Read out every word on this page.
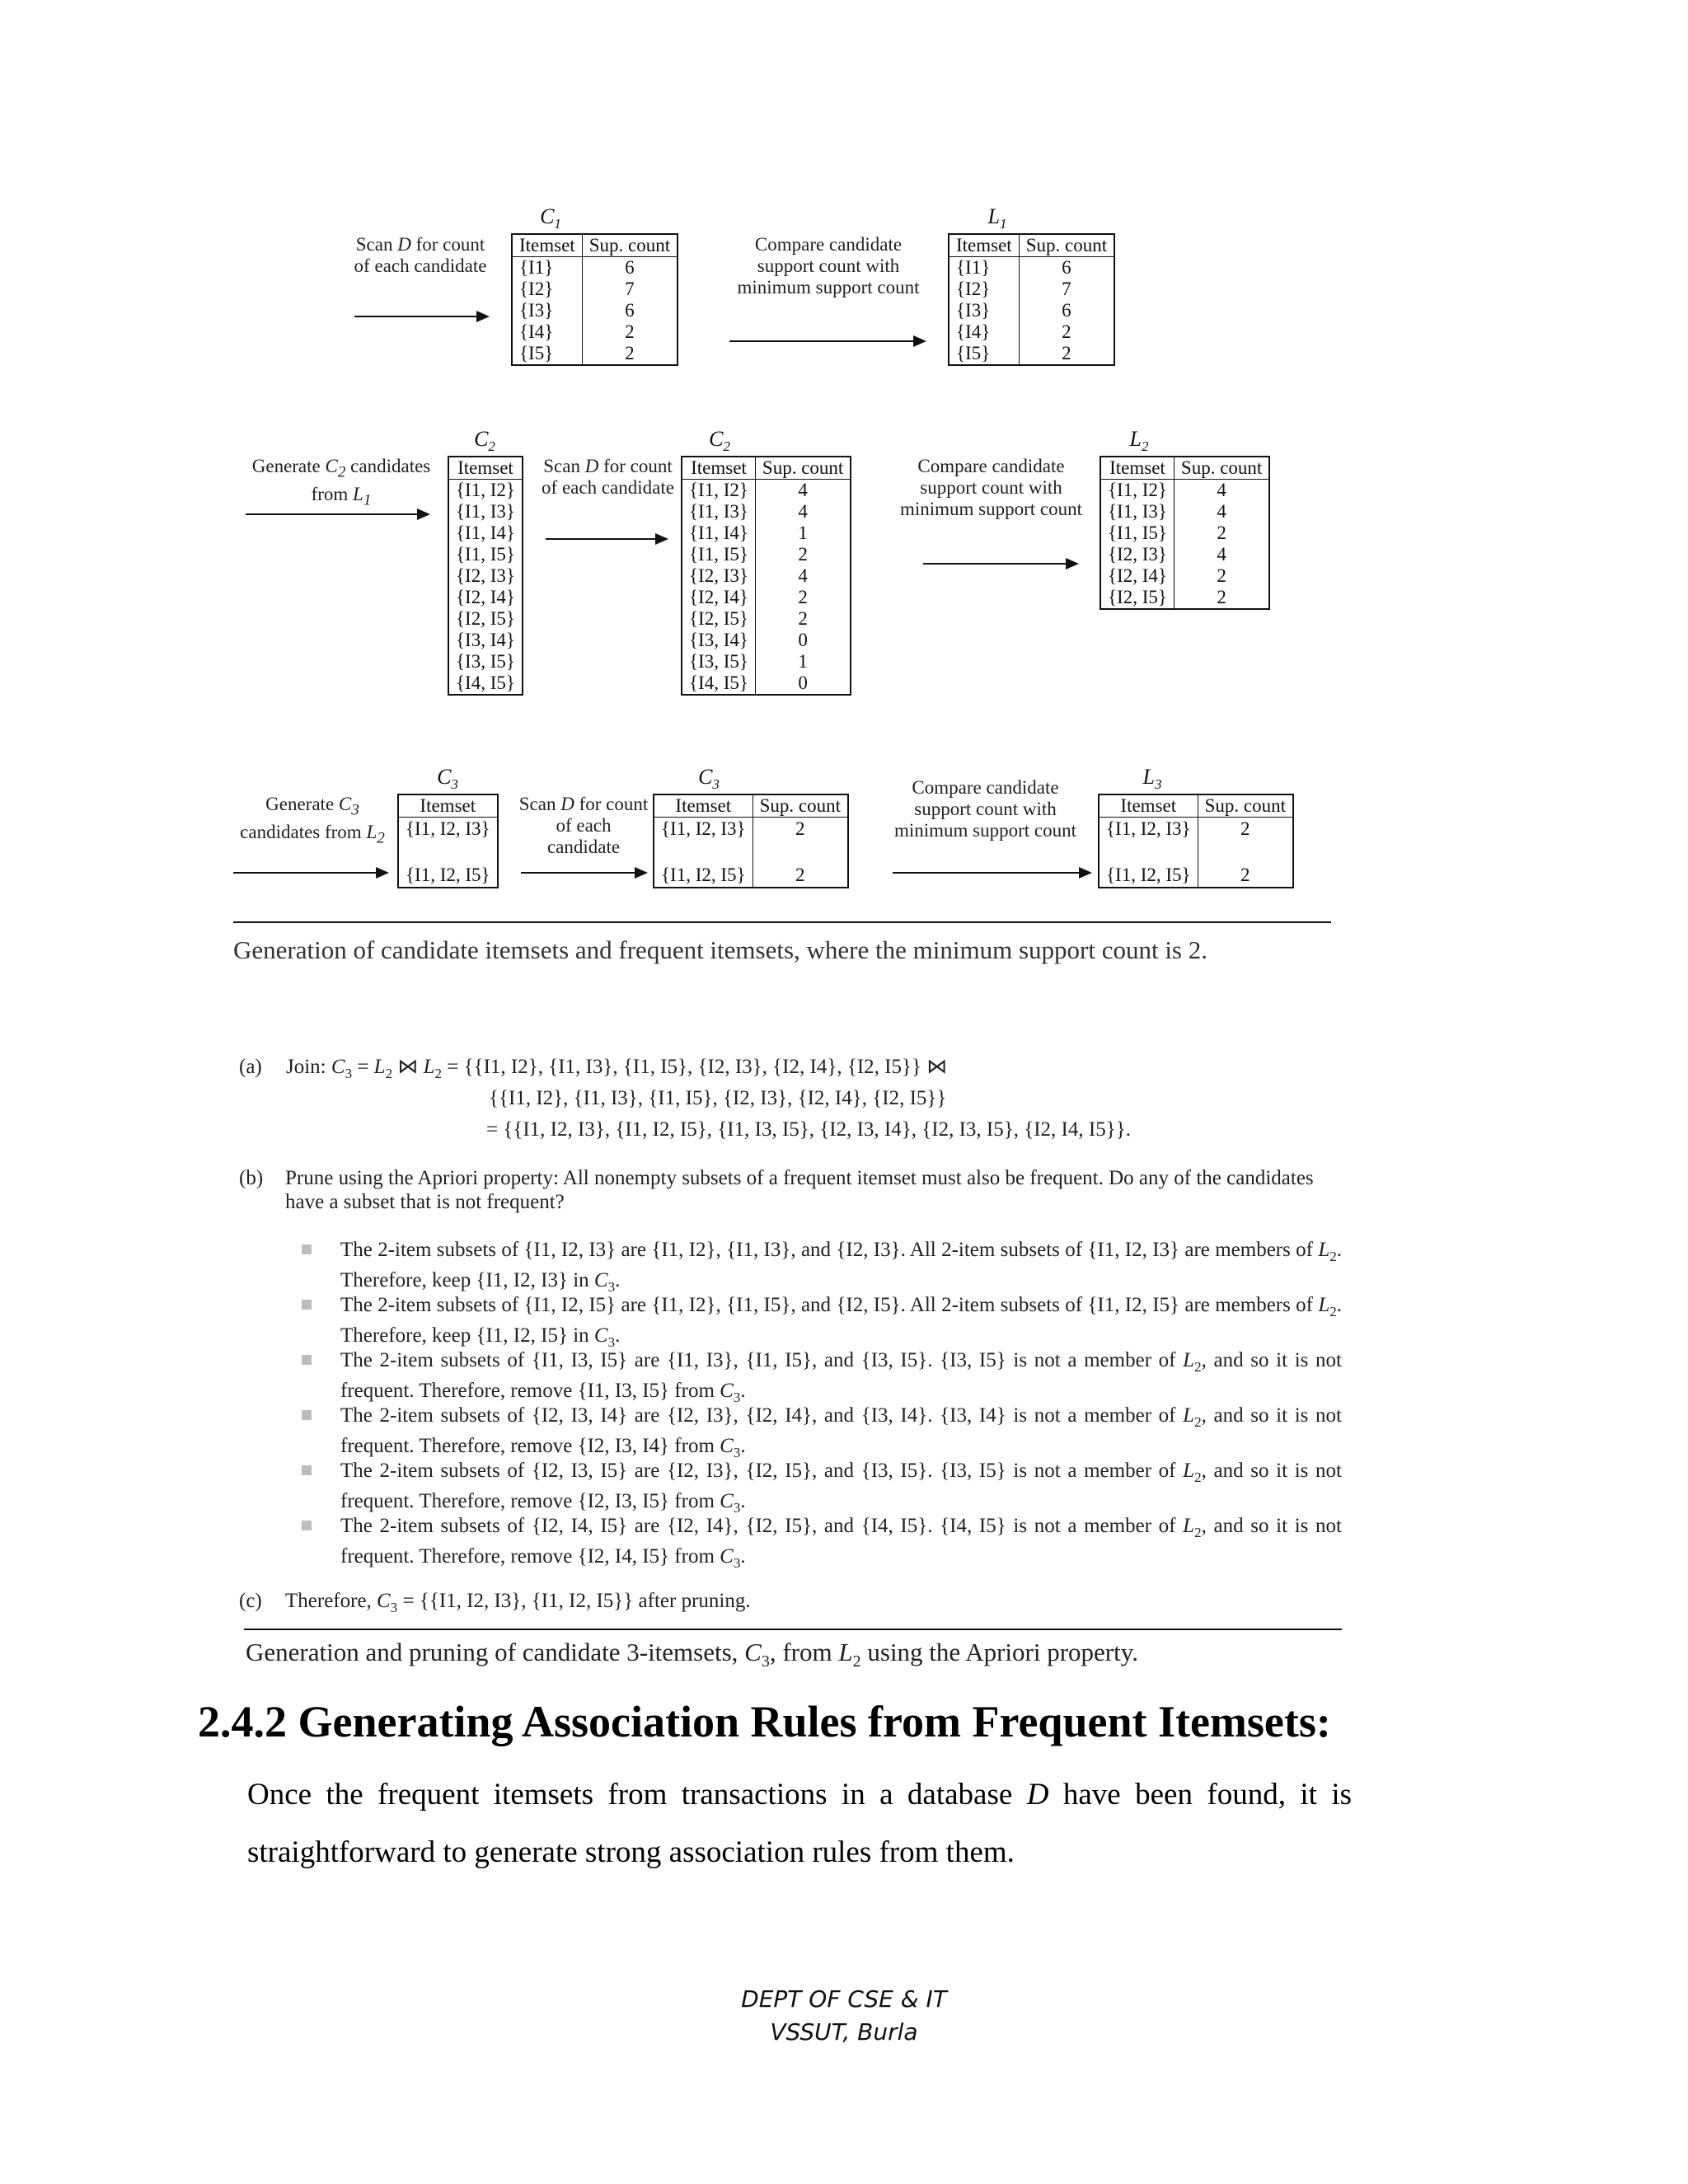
Scan D for count of each candidate
$C_1$
Itemset	Sup. count
{I1}	6
{I2}	7
{I3}	6
{I4}	2
{I5}	2
Compare candidate support count with minimum support count
$L_1$
Itemset	Sup. count
{I1}	6
{I2}	7
{I3}	6
{I4}	2
{I5}	2
Generate $C_2$ candidates from $L_1$
$C_2$
Itemset
{I1, I2}
{I1, I3}
{I1, I4}
{I1, I5}
{I2, I3}
{I2, I4}
{I2, I5}
{I3, I4}
{I3, I5}
{I4, I5}
Scan D for count of each candidate
$C_2$
Itemset	Sup. count
{I1, I2}	4
{I1, I3}	4
{I1, I4}	1
{I1, I5}	2
{I2, I3}	4
{I2, I4}	2
{I2, I5}	2
{I3, I4}	0
{I3, I5}	1
{I4, I5}	0
Compare candidate support count with minimum support count
$L_2$
Itemset	Sup. count
{I1, I2}	4
{I1, I3}	4
{I1, I5}	2
{I2, I3}	4
{I2, I4}	2
{I2, I5}	2
Generate $C_3$ candidates from $L_2$
$C_3$
Itemset
{I1, I2, I3}
{I1, I2, I5}
Scan D for count of each candidate
$C_3$
Itemset	Sup. count
{I1, I2, I3}	2
{I1, I2, I5}	2
Compare candidate support count with minimum support count
$L_3$
Itemset	Sup. count
{I1, I2, I3}	2
{I1, I2, I5}	2
Generation of candidate itemsets and frequent itemsets, where the minimum support count is 2.
(a) Join: $C_3 = L_2$ ⋈ $L_2 = \{\{I1$, I2}, {I1, I3}, {I1, I5}, {I2, I3}, {I2, I4}, {I2, I5}} ⋈
{{I1, I2}, {I1, I3}, {I1, I5}, {I2, I3}, {I2, I4}, {I2, I5}}
= {{I1, I2, I3}, {I1, I2, I5}, {I1, I3, I5}, {I2, I3, I4}, {I2, I3, I5}, {I2, I4, I5}}.
(b) Prune using the Apriori property: All nonempty subsets of a frequent itemset must also be frequent. Do any of the candidates have a subset that is not frequent?
The 2-item subsets of {I1, I2, I3} are {I1, I2}, {I1, I3}, and {I2, I3}. All 2-item subsets of {I1, I2, I3} are members of $L_2$. Therefore, keep {I1, I2, I3} in $C_3$.
The 2-item subsets of {I1, I2, I5} are {I1, I2}, {I1, I5}, and {I2, I5}. All 2-item subsets of {I1, I2, I5} are members of $L_2$. Therefore, keep {I1, I2, I5} in $C_3$.
The 2-item subsets of {I1, I3, I5} are {I1, I3}, {I1, I5}, and {I3, I5}. {I3, I5} is not a member of $L_2$, and so it is not frequent. Therefore, remove {I1, I3, I5} from $C_3$.
The 2-item subsets of {I2, I3, I4} are {I2, I3}, {I2, I4}, and {I3, I4}. {I3, I4} is not a member of $L_2$, and so it is not frequent. Therefore, remove {I2, I3, I4} from $C_3$.
The 2-item subsets of {I2, I3, I5} are {I2, I3}, {I2, I5}, and {I3, I5}. {I3, I5} is not a member of $L_2$, and so it is not frequent. Therefore, remove {I2, I3, I5} from $C_3$.
The 2-item subsets of {I2, I4, I5} are {I2, I4}, {I2, I5}, and {I4, I5}. {I4, I5} is not a member of $L_2$, and so it is not frequent. Therefore, remove {I2, I4, I5} from $C_3$.
(c) Therefore, $C_3 = \{\{I1$, I2, I3}, {I1, I2, I5}} after pruning.
Generation and pruning of candidate 3-itemsets, $C_3$, from $L_2$ using the Apriori property.
2.4.2 Generating Association Rules from Frequent Itemsets:
Once the frequent itemsets from transactions in a database D have been found, it is straightforward to generate strong association rules from them.
DEPT OF CSE & IT
VSSUT, Burla
